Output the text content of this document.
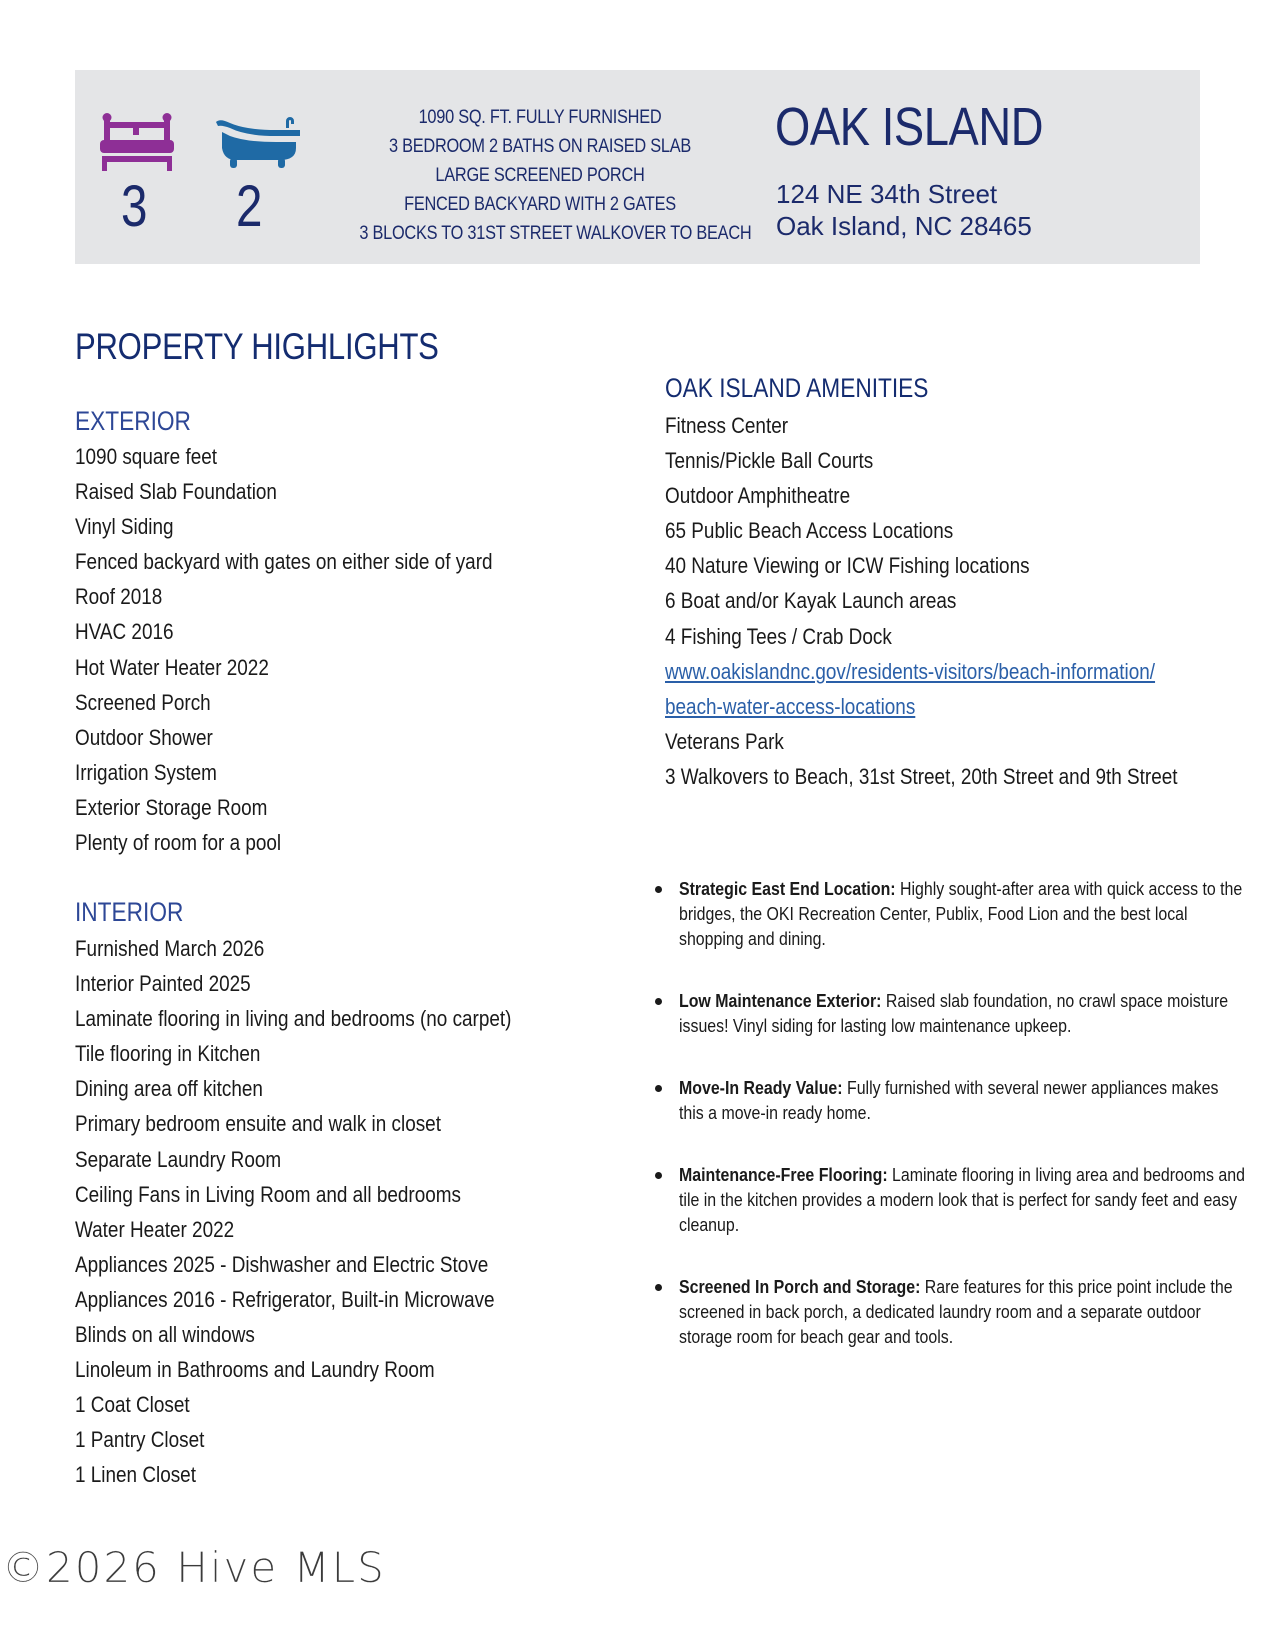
3 2
1090 SQ. FT. FULLY FURNISHED
3 BEDROOM 2 BATHS ON RAISED SLAB
LARGE SCREENED PORCH
FENCED BACKYARD WITH 2 GATES
3 BLOCKS TO 31ST STREET WALKOVER TO BEACH
OAK ISLAND
124 NE 34th Street
Oak Island, NC 28465
PROPERTY HIGHLIGHTS
EXTERIOR
1090 square feet
Raised Slab Foundation
Vinyl Siding
Fenced backyard with gates on either side of yard
Roof 2018
HVAC 2016
Hot Water Heater 2022
Screened Porch
Outdoor Shower
Irrigation System
Exterior Storage Room
Plenty of room for a pool
INTERIOR
Furnished March 2026
Interior Painted 2025
Laminate flooring in living and bedrooms (no carpet)
Tile flooring in Kitchen
Dining area off kitchen
Primary bedroom ensuite and walk in closet
Separate Laundry Room
Ceiling Fans in Living Room and all bedrooms
Water Heater 2022
Appliances 2025 - Dishwasher and Electric Stove
Appliances 2016 - Refrigerator, Built-in Microwave
Blinds on all windows
Linoleum in Bathrooms and Laundry Room
1 Coat Closet
1 Pantry Closet
1 Linen Closet
OAK ISLAND AMENITIES
Fitness Center
Tennis/Pickle Ball Courts
Outdoor Amphitheatre
65 Public Beach Access Locations
40 Nature Viewing or ICW Fishing locations
6 Boat and/or Kayak Launch areas
4 Fishing Tees / Crab Dock
www.oakislandnc.gov/residents-visitors/beach-information/
beach-water-access-locations
Veterans Park
3 Walkovers to Beach, 31st Street, 20th Street and 9th Street
Strategic East End Location: Highly sought-after area with quick access to the bridges, the OKI Recreation Center, Publix, Food Lion and the best local shopping and dining.
Low Maintenance Exterior: Raised slab foundation, no crawl space moisture issues! Vinyl siding for lasting low maintenance upkeep.
Move-In Ready Value: Fully furnished with several newer appliances makes this a move-in ready home.
Maintenance-Free Flooring: Laminate flooring in living area and bedrooms and tile in the kitchen provides a modern look that is perfect for sandy feet and easy cleanup.
Screened In Porch and Storage: Rare features for this price point include the screened in back porch, a dedicated laundry room and a separate outdoor storage room for beach gear and tools.
©2026 Hive MLS
